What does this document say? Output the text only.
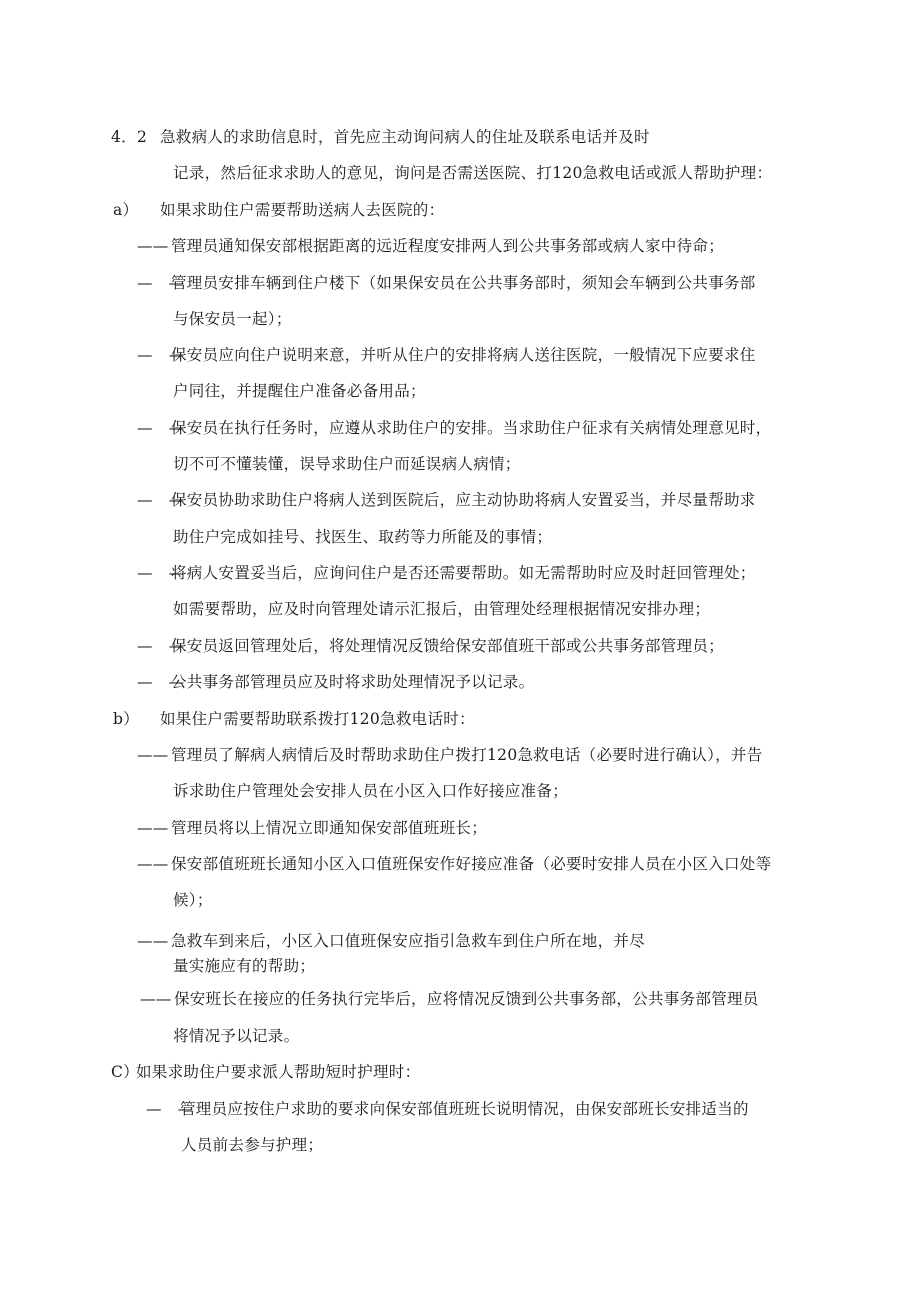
4．2 急救病人的求助信息时，首先应主动询问病人的住址及联系电话并及时
记录，然后征求求助人的意见，询问是否需送医院、打120急救电话或派人帮助护理：
a） 如果求助住户需要帮助送病人去医院的：
—— 管理员通知保安部根据距离的远近程度安排两人到公共事务部或病人家中待命；
—　—
管理员安排车辆到住户楼下（如果保安员在公共事务部时，须知会车辆到公共事务部
与保安员一起）；
—　—
保安员应向住户说明来意，并听从住户的安排将病人送往医院，一般情况下应要求住
户同往，并提醒住户准备必备用品；
—　—
保安员在执行任务时，应遵从求助住户的安排。当求助住户征求有关病情处理意见时，
切不可不懂装懂，误导求助住户而延误病人病情；
—　—
保安员协助求助住户将病人送到医院后，应主动协助将病人安置妥当，并尽量帮助求
助住户完成如挂号、找医生、取药等力所能及的事情；
—　—
将病人安置妥当后，应询问住户是否还需要帮助。如无需帮助时应及时赶回管理处；
如需要帮助，应及时向管理处请示汇报后，由管理处经理根据情况安排办理；
—　—
保安员返回管理处后，将处理情况反馈给保安部值班干部或公共事务部管理员；
—　—
公共事务部管理员应及时将求助处理情况予以记录。
b） 如果住户需要帮助联系拨打120急救电话时：
—— 管理员了解病人病情后及时帮助求助住户拨打120急救电话（必要时进行确认），并告
诉求助住户管理处会安排人员在小区入口作好接应准备；
—— 管理员将以上情况立即通知保安部值班班长；
—— 保安部值班班长通知小区入口值班保安作好接应准备（必要时安排人员在小区入口处等
候）；
—— 急救车到来后，小区入口值班保安应指引急救车到住户所在地，并尽
量实施应有的帮助；
—— 保安班长在接应的任务执行完毕后，应将情况反馈到公共事务部，公共事务部管理员
将情况予以记录。
C）
如果求助住户要求派人帮助短时护理时：
—　—
管理员应按住户求助的要求向保安部值班班长说明情况，由保安部班长安排适当的
人员前去参与护理；
